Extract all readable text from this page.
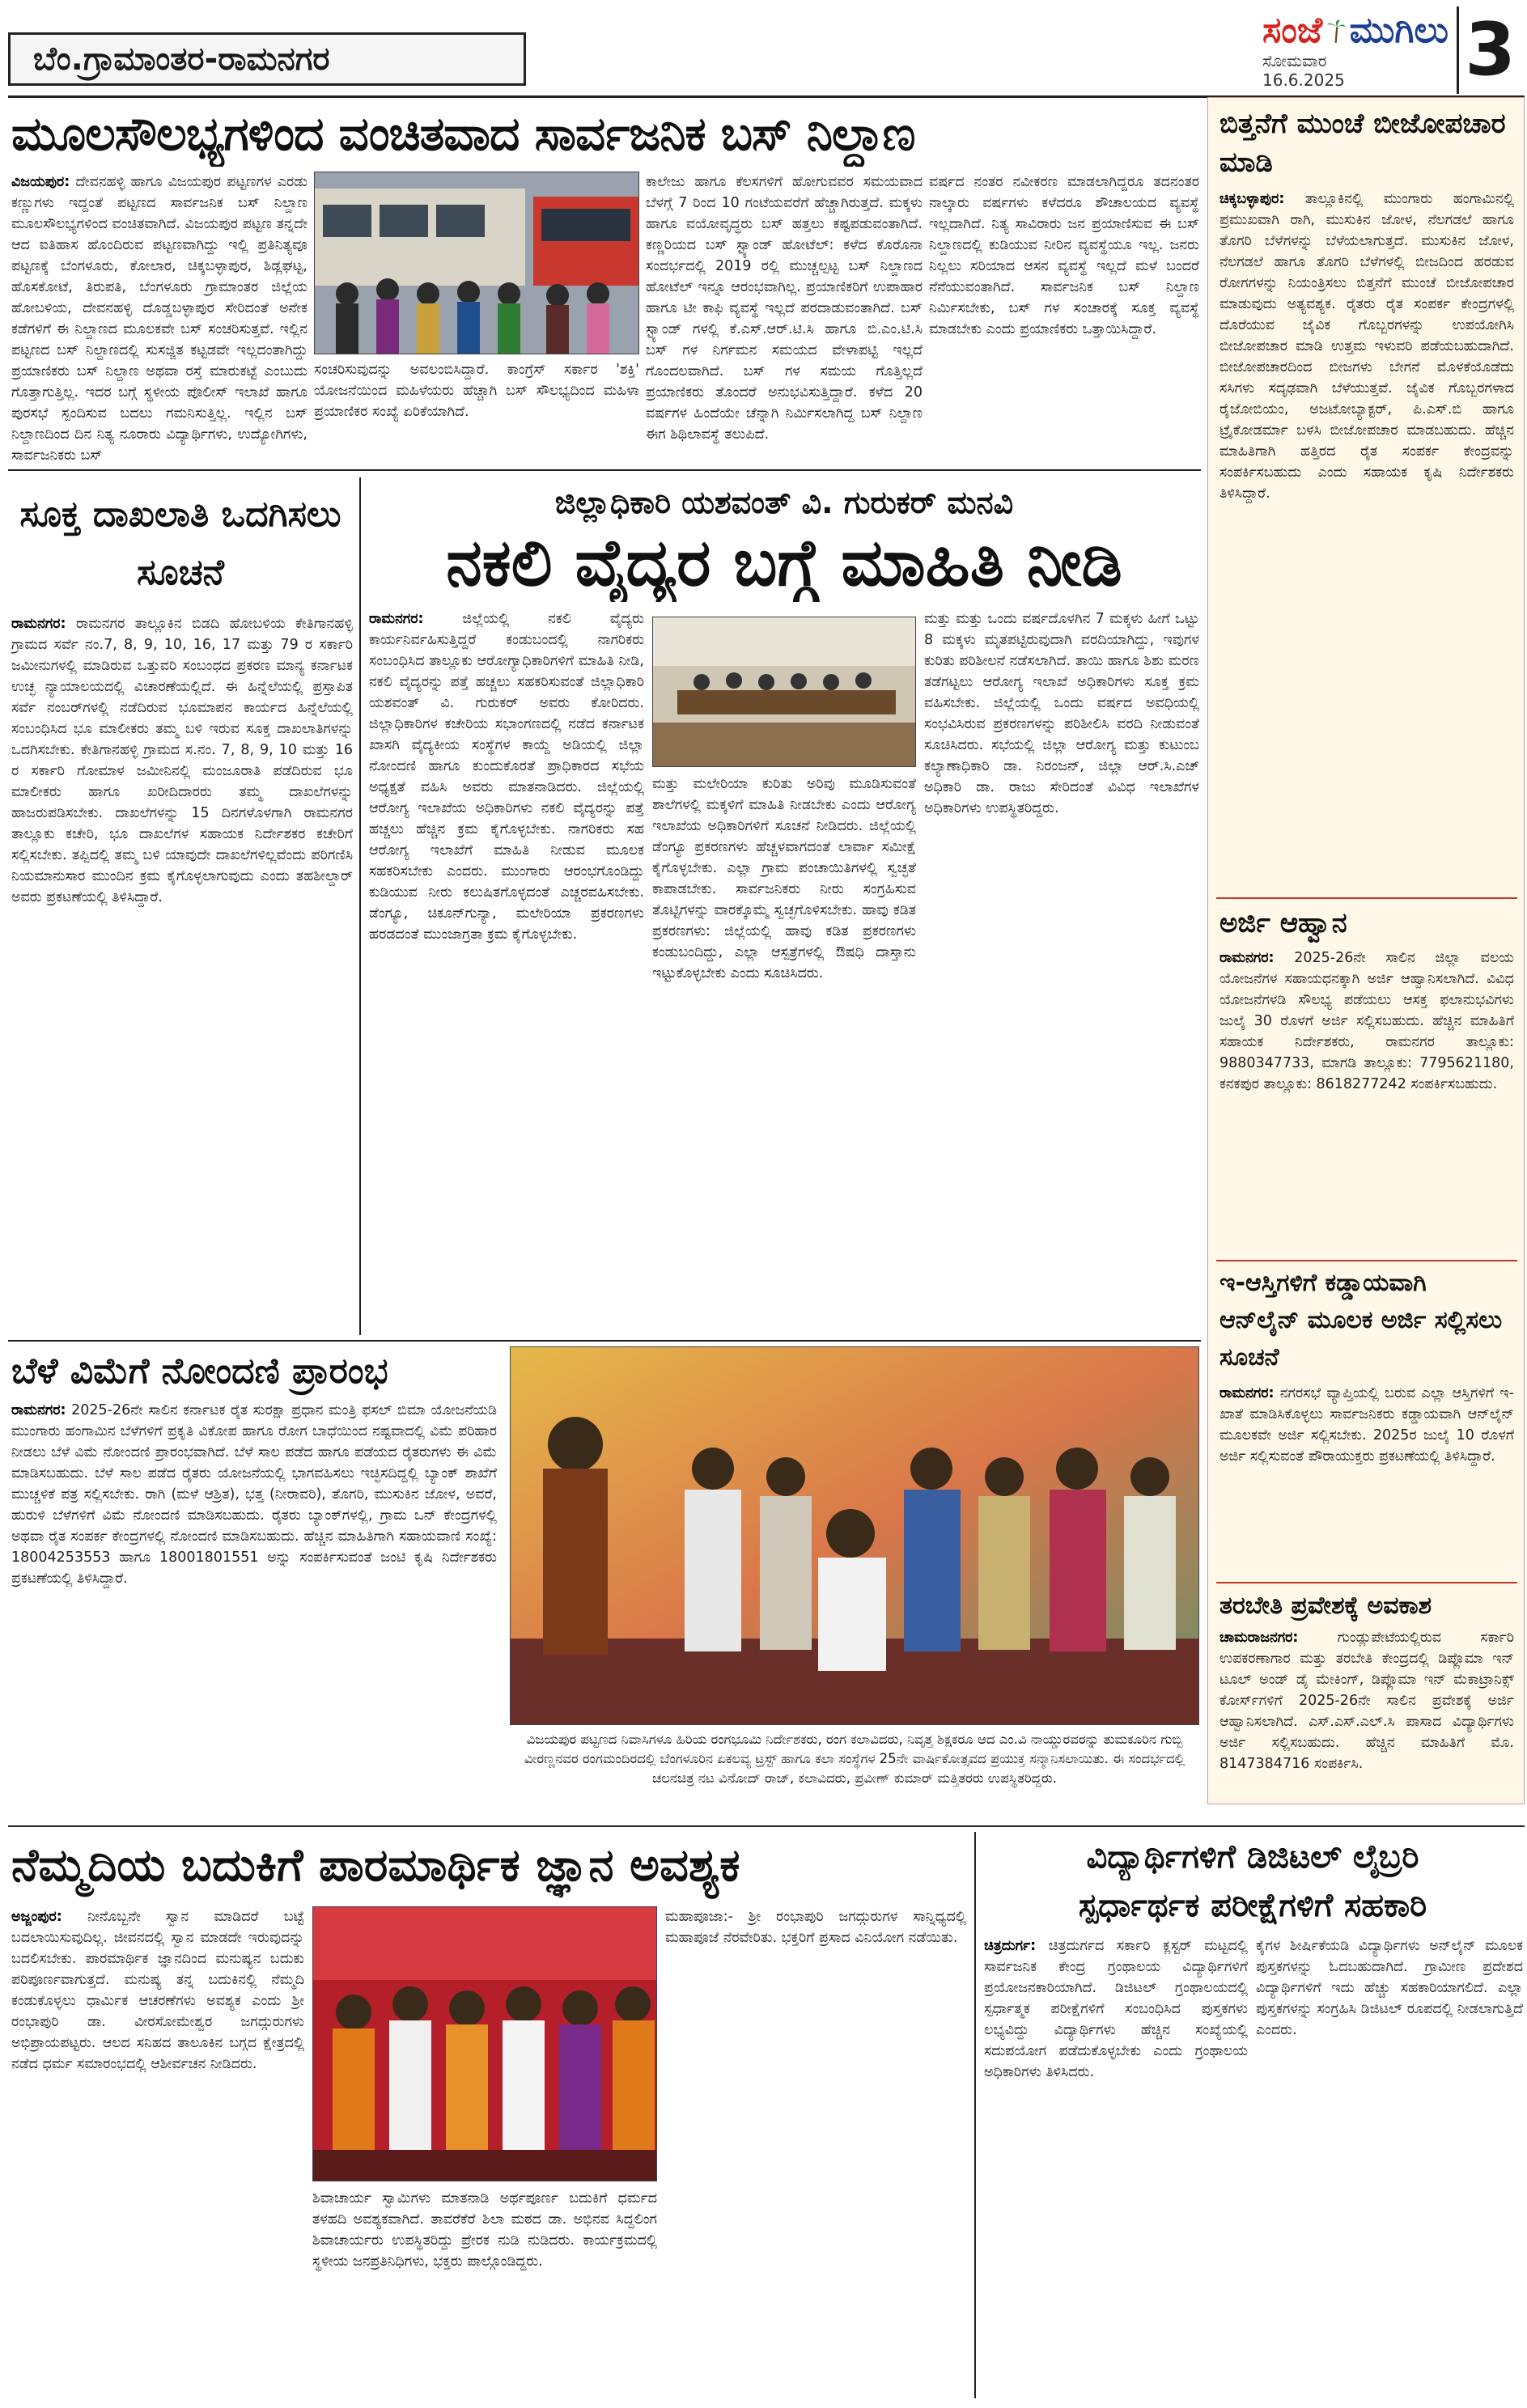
ಬೆಂ.ಗ್ರಾಮಾಂತರ-ರಾಮನಗರ
ಸಂಜೆ ಮುಗಿಲು
ಸೋಮವಾರ
16.6.2025	3
ಮೂಲಸೌಲಭ್ಯಗಳಿಂದ ವಂಚಿತವಾದ ಸಾರ್ವಜನಿಕ ಬಸ್ ನಿಲ್ದಾಣ
ವಿಜಯಪುರ: ದೇವನಹಳ್ಳಿ ಹಾಗೂ ವಿಜಯಪುರ ಪಟ್ಟಣಗಳ ಎರಡು ಕಣ್ಣುಗಳು ಇದ್ದಂತೆ ಪಟ್ಟಣದ ಸಾರ್ವಜನಿಕ ಬಸ್ ನಿಲ್ದಾಣ ಮೂಲಸೌಲಭ್ಯಗಳಿಂದ ವಂಚಿತವಾಗಿದೆ. ವಿಜಯಪುರ ಪಟ್ಟಣ ತನ್ನದೇ ಆದ ಐತಿಹಾಸ ಹೊಂದಿರುವ ಪಟ್ಟಣವಾಗಿದ್ದು ಇಲ್ಲಿ ಪ್ರತಿನಿತ್ಯವೂ ಪಟ್ಟಣಕ್ಕೆ ಬೆಂಗಳೂರು, ಕೋಲಾರ, ಚಿಕ್ಕಬಳ್ಳಾಪುರ, ಶಿಡ್ಲಘಟ್ಟ, ಹೊಸಕೋಟೆ, ತಿರುಪತಿ, ಬೆಂಗಳೂರು ಗ್ರಾಮಾಂತರ ಜಿಲ್ಲೆಯ ಹೋಬಳಿಯ, ದೇವನಹಳ್ಳಿ ದೊಡ್ಡಬಳ್ಳಾಪುರ ಸೇರಿದಂತೆ ಅನೇಕ ಕಡೆಗಳಿಗೆ ಈ ನಿಲ್ದಾಣದ ಮೂಲಕವೇ ಬಸ್ ಸಂಚರಿಸುತ್ತವೆ. ಇಲ್ಲಿನ ಪಟ್ಟಣದ ಬಸ್ ನಿಲ್ದಾಣದಲ್ಲಿ ಸುಸಜ್ಜಿತ ಕಟ್ಟಡವೇ ಇಲ್ಲದಂತಾಗಿದ್ದು ಪ್ರಯಾಣಿಕರು ಬಸ್ ನಿಲ್ದಾಣ ಅಥವಾ ರಸ್ತೆ ಮಾರುಕಟ್ಟೆ ಎಂಬುದು ಗೊತ್ತಾಗುತ್ತಿಲ್ಲ. ಇದರ ಬಗ್ಗೆ ಸ್ಥಳೀಯ ಪೊಲೀಸ್ ಇಲಾಖೆ ಹಾಗೂ ಪುರಸಭೆ ಸ್ಪಂದಿಸುವ ಬದಲು ಗಮನಿಸುತ್ತಿಲ್ಲ. ಇಲ್ಲಿನ ಬಸ್ ನಿಲ್ದಾಣದಿಂದ ದಿನ ನಿತ್ಯ ನೂರಾರು ವಿದ್ಯಾರ್ಥಿಗಳು, ಉದ್ಯೋಗಿಗಳು, ಸಾರ್ವಜನಿಕರು ಬಸ್
ಸಂಚರಿಸುವುದನ್ನು ಅವಲಂಬಿಸಿದ್ದಾರೆ. ಕಾಂಗ್ರೆಸ್ ಸರ್ಕಾರ 'ಶಕ್ತಿ' ಯೋಜನೆಯಿಂದ ಮಹಿಳೆಯರು ಹೆಚ್ಚಾಗಿ ಬಸ್ ಸೌಲಭ್ಯದಿಂದ ಮಹಿಳಾ ಪ್ರಯಾಣಿಕರ ಸಂಖ್ಯೆ ಏರಿಕೆಯಾಗಿದೆ.
ಕಾಲೇಜು ಹಾಗೂ ಕೆಲಸಗಳಿಗೆ ಹೋಗುವವರ ಸಮಯವಾದ ಬೆಳಗ್ಗೆ 7 ರಿಂದ 10 ಗಂಟೆಯವರೆಗೆ ಹೆಚ್ಚಾಗಿರುತ್ತದೆ. ಮಕ್ಕಳು ಹಾಗೂ ವಯೋವೃದ್ಧರು ಬಸ್ ಹತ್ತಲು ಕಷ್ಟಪಡುವಂತಾಗಿದೆ. ಕಣ್ಣರಿಯದ ಬಸ್ ಸ್ಟ್ಯಾಂಡ್ ಹೋಟೆಲ್: ಕಳೆದ ಕೊರೊನಾ ಸಂದರ್ಭದಲ್ಲಿ 2019 ರಲ್ಲಿ ಮುಚ್ಚಲ್ಪಟ್ಟ ಬಸ್ ನಿಲ್ದಾಣದ ಹೋಟೆಲ್ ಇನ್ನೂ ಆರಂಭವಾಗಿಲ್ಲ. ಪ್ರಯಾಣಿಕರಿಗೆ ಉಪಾಹಾರ ಹಾಗೂ ಟೀ ಕಾಫಿ ವ್ಯವಸ್ಥೆ ಇಲ್ಲದೆ ಪರದಾಡುವಂತಾಗಿದೆ. ಬಸ್ ಸ್ಟ್ಯಾಂಡ್ ಗಳಲ್ಲಿ ಕೆ.ಎಸ್.ಆರ್.ಟಿ.ಸಿ ಹಾಗೂ ಬಿ.ಎಂ.ಟಿ.ಸಿ ಬಸ್ ಗಳ ನಿರ್ಗಮನ ಸಮಯದ ವೇಳಾಪಟ್ಟಿ ಇಲ್ಲದೆ ಗೊಂದಲವಾಗಿದೆ. ಬಸ್ ಗಳ ಸಮಯ ಗೊತ್ತಿಲ್ಲದೆ ಪ್ರಯಾಣಿಕರು ತೊಂದರೆ ಅನುಭವಿಸುತ್ತಿದ್ದಾರೆ. ಕಳೆದ 20 ವರ್ಷಗಳ ಹಿಂದೆಯೇ ಚೆನ್ನಾಗಿ ನಿರ್ಮಿಸಲಾಗಿದ್ದ ಬಸ್ ನಿಲ್ದಾಣ ಈಗ ಶಿಥಿಲಾವಸ್ಥೆ ತಲುಪಿದೆ.
ವರ್ಷದ ನಂತರ ನವೀಕರಣ ಮಾಡಲಾಗಿದ್ದರೂ ತದನಂತರ ನಾಲ್ಕಾರು ವರ್ಷಗಳು ಕಳೆದರೂ ಶೌಚಾಲಯದ ವ್ಯವಸ್ಥೆ ಇಲ್ಲದಾಗಿದೆ. ನಿತ್ಯ ಸಾವಿರಾರು ಜನ ಪ್ರಯಾಣಿಸುವ ಈ ಬಸ್ ನಿಲ್ದಾಣದಲ್ಲಿ ಕುಡಿಯುವ ನೀರಿನ ವ್ಯವಸ್ಥೆಯೂ ಇಲ್ಲ. ಜನರು ನಿಲ್ಲಲು ಸರಿಯಾದ ಆಸನ ವ್ಯವಸ್ಥೆ ಇಲ್ಲದೆ ಮಳೆ ಬಂದರೆ ನೆನೆಯುವಂತಾಗಿದೆ. ಸಾರ್ವಜನಿಕ ಬಸ್ ನಿಲ್ದಾಣ ನಿರ್ಮಿಸಬೇಕು, ಬಸ್ ಗಳ ಸಂಚಾರಕ್ಕೆ ಸೂಕ್ತ ವ್ಯವಸ್ಥೆ ಮಾಡಬೇಕು ಎಂದು ಪ್ರಯಾಣಿಕರು ಒತ್ತಾಯಿಸಿದ್ದಾರೆ.
ಬಿತ್ತನೆಗೆ ಮುಂಚೆ ಬೀಜೋಪಚಾರ ಮಾಡಿ
ಚಿಕ್ಕಬಳ್ಳಾಪುರ: ತಾಲ್ಲೂಕಿನಲ್ಲಿ ಮುಂಗಾರು ಹಂಗಾಮಿನಲ್ಲಿ ಪ್ರಮುಖವಾಗಿ ರಾಗಿ, ಮುಸುಕಿನ ಜೋಳ, ನೆಲಗಡಲೆ ಹಾಗೂ ತೊಗರಿ ಬೆಳೆಗಳನ್ನು ಬೆಳೆಯಲಾಗುತ್ತದೆ. ಮುಸುಕಿನ ಜೋಳ, ನೆಲಗಡಲೆ ಹಾಗೂ ತೊಗರಿ ಬೆಳೆಗಳಲ್ಲಿ ಬೀಜದಿಂದ ಹರಡುವ ರೋಗಗಳನ್ನು ನಿಯಂತ್ರಿಸಲು ಬಿತ್ತನೆಗೆ ಮುಂಚೆ ಬೀಜೋಪಚಾರ ಮಾಡುವುದು ಅತ್ಯವಶ್ಯಕ. ರೈತರು ರೈತ ಸಂಪರ್ಕ ಕೇಂದ್ರಗಳಲ್ಲಿ ದೊರೆಯುವ ಜೈವಿಕ ಗೊಬ್ಬರಗಳನ್ನು ಉಪಯೋಗಿಸಿ ಬೀಜೋಪಚಾರ ಮಾಡಿ ಉತ್ತಮ ಇಳುವರಿ ಪಡೆಯಬಹುದಾಗಿದೆ. ಬೀಜೋಪಚಾರದಿಂದ ಬೀಜಗಳು ಬೇಗನೆ ಮೊಳಕೆಯೊಡೆದು ಸಸಿಗಳು ಸದೃಢವಾಗಿ ಬೆಳೆಯುತ್ತವೆ. ಜೈವಿಕ ಗೊಬ್ಬರಗಳಾದ ರೈಜೋಬಿಯಂ, ಅಜಟೋಬ್ಯಾಕ್ಟರ್, ಪಿ.ಎಸ್.ಬಿ ಹಾಗೂ ಟ್ರೈಕೋಡರ್ಮಾ ಬಳಸಿ ಬೀಜೋಪಚಾರ ಮಾಡಬಹುದು. ಹೆಚ್ಚಿನ ಮಾಹಿತಿಗಾಗಿ ಹತ್ತಿರದ ರೈತ ಸಂಪರ್ಕ ಕೇಂದ್ರವನ್ನು ಸಂಪರ್ಕಿಸಬಹುದು ಎಂದು ಸಹಾಯಕ ಕೃಷಿ ನಿರ್ದೇಶಕರು ತಿಳಿಸಿದ್ದಾರೆ.
ಅರ್ಜಿ ಆಹ್ವಾನ
ರಾಮನಗರ: 2025-26ನೇ ಸಾಲಿನ ಜಿಲ್ಲಾ ವಲಯ ಯೋಜನೆಗಳ ಸಹಾಯಧನಕ್ಕಾಗಿ ಅರ್ಜಿ ಆಹ್ವಾನಿಸಲಾಗಿದೆ. ವಿವಿಧ ಯೋಜನೆಗಳಡಿ ಸೌಲಭ್ಯ ಪಡೆಯಲು ಆಸಕ್ತ ಫಲಾನುಭವಿಗಳು ಜುಲೈ 30 ರೊಳಗೆ ಅರ್ಜಿ ಸಲ್ಲಿಸಬಹುದು. ಹೆಚ್ಚಿನ ಮಾಹಿತಿಗೆ ಸಹಾಯಕ ನಿರ್ದೇಶಕರು, ರಾಮನಗರ ತಾಲ್ಲೂಕು: 9880347733, ಮಾಗಡಿ ತಾಲ್ಲೂಕು: 7795621180, ಕನಕಪುರ ತಾಲ್ಲೂಕು: 8618277242 ಸಂಪರ್ಕಿಸಬಹುದು.
ಇ-ಆಸ್ತಿಗಳಿಗೆ ಕಡ್ಡಾಯವಾಗಿ ಆನ್‌ಲೈನ್ ಮೂಲಕ ಅರ್ಜಿ ಸಲ್ಲಿಸಲು ಸೂಚನೆ
ರಾಮನಗರ: ನಗರಸಭೆ ವ್ಯಾಪ್ತಿಯಲ್ಲಿ ಬರುವ ಎಲ್ಲಾ ಆಸ್ತಿಗಳಿಗೆ ಇ-ಖಾತೆ ಮಾಡಿಸಿಕೊಳ್ಳಲು ಸಾರ್ವಜನಿಕರು ಕಡ್ಡಾಯವಾಗಿ ಆನ್‌ಲೈನ್ ಮೂಲಕವೇ ಅರ್ಜಿ ಸಲ್ಲಿಸಬೇಕು. 2025ರ ಜುಲೈ 10 ರೊಳಗೆ ಅರ್ಜಿ ಸಲ್ಲಿಸುವಂತೆ ಪೌರಾಯುಕ್ತರು ಪ್ರಕಟಣೆಯಲ್ಲಿ ತಿಳಿಸಿದ್ದಾರೆ.
ತರಬೇತಿ ಪ್ರವೇಶಕ್ಕೆ ಅವಕಾಶ
ಚಾಮರಾಜನಗರ:	ಗುಂಡ್ಲುಪೇಟೆಯಲ್ಲಿರುವ ಸರ್ಕಾರಿ ಉಪಕರಣಾಗಾರ ಮತ್ತು ತರಬೇತಿ ಕೇಂದ್ರದಲ್ಲಿ ಡಿಪ್ಲೊಮಾ ಇನ್ ಟೂಲ್ ಅಂಡ್ ಡೈ ಮೇಕಿಂಗ್, ಡಿಪ್ಲೊಮಾ ಇನ್ ಮೆಕಾಟ್ರಾನಿಕ್ಸ್ ಕೋರ್ಸ್‌ಗಳಿಗೆ 2025-26ನೇ ಸಾಲಿನ ಪ್ರವೇಶಕ್ಕೆ ಅರ್ಜಿ ಆಹ್ವಾನಿಸಲಾಗಿದೆ. ಎಸ್.ಎಸ್.ಎಲ್.ಸಿ ಪಾಸಾದ ವಿದ್ಯಾರ್ಥಿಗಳು ಅರ್ಜಿ ಸಲ್ಲಿಸಬಹುದು. ಹೆಚ್ಚಿನ ಮಾಹಿತಿಗೆ ಮೊ. 8147384716 ಸಂಪರ್ಕಿಸಿ.
ಸೂಕ್ತ ದಾಖಲಾತಿ ಒದಗಿಸಲು ಸೂಚನೆ
ರಾಮನಗರ: ರಾಮನಗರ ತಾಲ್ಲೂಕಿನ ಬಿಡದಿ ಹೋಬಳಿಯ ಕೇತಿಗಾನಹಳ್ಳಿ ಗ್ರಾಮದ ಸರ್ವೆ ನಂ.7, 8, 9, 10, 16, 17 ಮತ್ತು 79 ರ ಸರ್ಕಾರಿ ಜಮೀನುಗಳಲ್ಲಿ ಮಾಡಿರುವ ಒತ್ತುವರಿ ಸಂಬಂಧದ ಪ್ರಕರಣ ಮಾನ್ಯ ಕರ್ನಾಟಕ ಉಚ್ಛ ನ್ಯಾಯಾಲಯದಲ್ಲಿ ವಿಚಾರಣೆಯಲ್ಲಿದೆ. ಈ ಹಿನ್ನೆಲೆಯಲ್ಲಿ ಪ್ರಸ್ತಾಪಿತ ಸರ್ವೆ ನಂಬರ್‌ಗಳಲ್ಲಿ ನಡೆದಿರುವ ಭೂಮಾಪನ ಕಾರ್ಯದ ಹಿನ್ನೆಲೆಯಲ್ಲಿ ಸಂಬಂಧಿಸಿದ ಭೂ ಮಾಲೀಕರು ತಮ್ಮ ಬಳಿ ಇರುವ ಸೂಕ್ತ ದಾಖಲಾತಿಗಳನ್ನು ಒದಗಿಸಬೇಕು. ಕೇತಿಗಾನಹಳ್ಳಿ ಗ್ರಾಮದ ಸ.ನಂ. 7, 8, 9, 10 ಮತ್ತು 16 ರ ಸರ್ಕಾರಿ ಗೋಮಾಳ ಜಮೀನಿನಲ್ಲಿ ಮಂಜೂರಾತಿ ಪಡೆದಿರುವ ಭೂ ಮಾಲೀಕರು ಹಾಗೂ ಖರೀದಿದಾರರು ತಮ್ಮ ದಾಖಲೆಗಳನ್ನು ಹಾಜರುಪಡಿಸಬೇಕು. ದಾಖಲೆಗಳನ್ನು 15 ದಿನಗಳೊಳಗಾಗಿ ರಾಮನಗರ ತಾಲ್ಲೂಕು ಕಚೇರಿ, ಭೂ ದಾಖಲೆಗಳ ಸಹಾಯಕ ನಿರ್ದೇಶಕರ ಕಚೇರಿಗೆ ಸಲ್ಲಿಸಬೇಕು. ತಪ್ಪಿದಲ್ಲಿ ತಮ್ಮ ಬಳಿ ಯಾವುದೇ ದಾಖಲೆಗಳಿಲ್ಲವೆಂದು ಪರಿಗಣಿಸಿ ನಿಯಮಾನುಸಾರ ಮುಂದಿನ ಕ್ರಮ ಕೈಗೊಳ್ಳಲಾಗುವುದು ಎಂದು ತಹಶೀಲ್ದಾರ್ ಅವರು ಪ್ರಕಟಣೆಯಲ್ಲಿ ತಿಳಿಸಿದ್ದಾರೆ.
ಜಿಲ್ಲಾಧಿಕಾರಿ ಯಶವಂತ್ ವಿ. ಗುರುಕರ್ ಮನವಿ
ನಕಲಿ ವೈದ್ಯರ ಬಗ್ಗೆ ಮಾಹಿತಿ ನೀಡಿ
ರಾಮನಗರ:	ಜಿಲ್ಲೆಯಲ್ಲಿ ನಕಲಿ ವೈದ್ಯರು ಕಾರ್ಯನಿರ್ವಹಿಸುತ್ತಿದ್ದರೆ ಕಂಡುಬಂದಲ್ಲಿ ನಾಗರಿಕರು ಸಂಬಂಧಿಸಿದ ತಾಲ್ಲೂಕು ಆರೋಗ್ಯಾಧಿಕಾರಿಗಳಿಗೆ ಮಾಹಿತಿ ನೀಡಿ, ನಕಲಿ ವೈದ್ಯರನ್ನು ಪತ್ತೆ ಹಚ್ಚಲು ಸಹಕರಿಸುವಂತೆ ಜಿಲ್ಲಾಧಿಕಾರಿ ಯಶವಂತ್ ವಿ. ಗುರುಕರ್ ಅವರು ಕೋರಿದರು. ಜಿಲ್ಲಾಧಿಕಾರಿಗಳ ಕಚೇರಿಯ ಸಭಾಂಗಣದಲ್ಲಿ ನಡೆದ ಕರ್ನಾಟಕ ಖಾಸಗಿ ವೈದ್ಯಕೀಯ ಸಂಸ್ಥೆಗಳ ಕಾಯ್ದೆ ಅಡಿಯಲ್ಲಿ ಜಿಲ್ಲಾ ನೋಂದಣಿ ಹಾಗೂ ಕುಂದುಕೊರತೆ ಪ್ರಾಧಿಕಾರದ ಸಭೆಯ ಅಧ್ಯಕ್ಷತೆ ವಹಿಸಿ ಅವರು ಮಾತನಾಡಿದರು. ಜಿಲ್ಲೆಯಲ್ಲಿ ಆರೋಗ್ಯ ಇಲಾಖೆಯ ಅಧಿಕಾರಿಗಳು ನಕಲಿ ವೈದ್ಯರನ್ನು ಪತ್ತೆ ಹಚ್ಚಲು ಹೆಚ್ಚಿನ ಕ್ರಮ ಕೈಗೊಳ್ಳಬೇಕು. ನಾಗರಿಕರು ಸಹ ಆರೋಗ್ಯ ಇಲಾಖೆಗೆ ಮಾಹಿತಿ ನೀಡುವ ಮೂಲಕ ಸಹಕರಿಸಬೇಕು ಎಂದರು. ಮುಂಗಾರು ಆರಂಭಗೊಂಡಿದ್ದು ಕುಡಿಯುವ ನೀರು ಕಲುಷಿತಗೊಳ್ಳದಂತೆ ಎಚ್ಚರವಹಿಸಬೇಕು. ಡೆಂಗ್ಯೂ, ಚಿಕೂನ್‌ಗುನ್ಯಾ, ಮಲೇರಿಯಾ ಪ್ರಕರಣಗಳು ಹರಡದಂತೆ ಮುಂಜಾಗ್ರತಾ ಕ್ರಮ ಕೈಗೊಳ್ಳಬೇಕು.
ಮತ್ತು ಮಲೇರಿಯಾ ಕುರಿತು ಅರಿವು ಮೂಡಿಸುವಂತೆ ಶಾಲೆಗಳಲ್ಲಿ ಮಕ್ಕಳಿಗೆ ಮಾಹಿತಿ ನೀಡಬೇಕು ಎಂದು ಆರೋಗ್ಯ ಇಲಾಖೆಯ ಅಧಿಕಾರಿಗಳಿಗೆ ಸೂಚನೆ ನೀಡಿದರು. ಜಿಲ್ಲೆಯಲ್ಲಿ ಡೆಂಗ್ಯೂ ಪ್ರಕರಣಗಳು ಹೆಚ್ಚಳವಾಗದಂತೆ ಲಾರ್ವಾ ಸಮೀಕ್ಷೆ ಕೈಗೊಳ್ಳಬೇಕು. ಎಲ್ಲಾ ಗ್ರಾಮ ಪಂಚಾಯಿತಿಗಳಲ್ಲಿ ಸ್ವಚ್ಛತೆ ಕಾಪಾಡಬೇಕು. ಸಾರ್ವಜನಿಕರು ನೀರು ಸಂಗ್ರಹಿಸುವ ತೊಟ್ಟಿಗಳನ್ನು ವಾರಕ್ಕೊಮ್ಮೆ ಸ್ವಚ್ಛಗೊಳಿಸಬೇಕು. ಹಾವು ಕಡಿತ ಪ್ರಕರಣಗಳು: ಜಿಲ್ಲೆಯಲ್ಲಿ ಹಾವು ಕಡಿತ ಪ್ರಕರಣಗಳು ಕಂಡುಬಂದಿದ್ದು, ಎಲ್ಲಾ ಆಸ್ಪತ್ರೆಗಳಲ್ಲಿ ಔಷಧಿ ದಾಸ್ತಾನು ಇಟ್ಟುಕೊಳ್ಳಬೇಕು ಎಂದು ಸೂಚಿಸಿದರು.
ಮತ್ತು ಮತ್ತು ಒಂದು ವರ್ಷದೊಳಗಿನ 7 ಮಕ್ಕಳು ಹೀಗೆ ಒಟ್ಟು 8 ಮಕ್ಕಳು ಮೃತಪಟ್ಟಿರುವುದಾಗಿ ವರದಿಯಾಗಿದ್ದು, ಇವುಗಳ ಕುರಿತು ಪರಿಶೀಲನೆ ನಡೆಸಲಾಗಿದೆ. ತಾಯಿ ಹಾಗೂ ಶಿಶು ಮರಣ ತಡೆಗಟ್ಟಲು ಆರೋಗ್ಯ ಇಲಾಖೆ ಅಧಿಕಾರಿಗಳು ಸೂಕ್ತ ಕ್ರಮ ವಹಿಸಬೇಕು. ಜಿಲ್ಲೆಯಲ್ಲಿ ಒಂದು ವರ್ಷದ ಅವಧಿಯಲ್ಲಿ ಸಂಭವಿಸಿರುವ ಪ್ರಕರಣಗಳನ್ನು ಪರಿಶೀಲಿಸಿ ವರದಿ ನೀಡುವಂತೆ ಸೂಚಿಸಿದರು. ಸಭೆಯಲ್ಲಿ ಜಿಲ್ಲಾ ಆರೋಗ್ಯ ಮತ್ತು ಕುಟುಂಬ ಕಲ್ಯಾಣಾಧಿಕಾರಿ ಡಾ. ನಿರಂಜನ್, ಜಿಲ್ಲಾ ಆರ್.ಸಿ.ಎಚ್ ಅಧಿಕಾರಿ ಡಾ. ರಾಜು ಸೇರಿದಂತೆ ವಿವಿಧ ಇಲಾಖೆಗಳ ಅಧಿಕಾರಿಗಳು ಉಪಸ್ಥಿತರಿದ್ದರು.
ಬೆಳೆ ವಿಮೆಗೆ ನೋಂದಣಿ ಪ್ರಾರಂಭ
ರಾಮನಗರ: 2025-26ನೇ ಸಾಲಿನ ಕರ್ನಾಟಕ ರೈತ ಸುರಕ್ಷಾ ಪ್ರಧಾನ ಮಂತ್ರಿ ಫಸಲ್ ಬಿಮಾ ಯೋಜನೆಯಡಿ ಮುಂಗಾರು ಹಂಗಾಮಿನ ಬೆಳೆಗಳಿಗೆ ಪ್ರಕೃತಿ ವಿಕೋಪ ಹಾಗೂ ರೋಗ ಬಾಧೆಯಿಂದ ನಷ್ಟವಾದಲ್ಲಿ ವಿಮೆ ಪರಿಹಾರ ನೀಡಲು ಬೆಳೆ ವಿಮೆ ನೋಂದಣಿ ಪ್ರಾರಂಭವಾಗಿದೆ. ಬೆಳೆ ಸಾಲ ಪಡೆದ ಹಾಗೂ ಪಡೆಯದ ರೈತರುಗಳು ಈ ವಿಮೆ ಮಾಡಿಸಬಹುದು. ಬೆಳೆ ಸಾಲ ಪಡೆದ ರೈತರು ಯೋಜನೆಯಲ್ಲಿ ಭಾಗವಹಿಸಲು ಇಚ್ಛಿಸದಿದ್ದಲ್ಲಿ ಬ್ಯಾಂಕ್ ಶಾಖೆಗೆ ಮುಚ್ಚಳಿಕೆ ಪತ್ರ ಸಲ್ಲಿಸಬೇಕು. ರಾಗಿ (ಮಳೆ ಆಶ್ರಿತ), ಭತ್ತ (ನೀರಾವರಿ), ತೊಗರಿ, ಮುಸುಕಿನ ಜೋಳ, ಅವರೆ, ಹುರುಳಿ ಬೆಳೆಗಳಿಗೆ ವಿಮೆ ನೋಂದಣಿ ಮಾಡಿಸಬಹುದು. ರೈತರು ಬ್ಯಾಂಕ್‌ಗಳಲ್ಲಿ, ಗ್ರಾಮ ಒನ್ ಕೇಂದ್ರಗಳಲ್ಲಿ ಅಥವಾ ರೈತ ಸಂಪರ್ಕ ಕೇಂದ್ರಗಳಲ್ಲಿ ನೋಂದಣಿ ಮಾಡಿಸಬಹುದು. ಹೆಚ್ಚಿನ ಮಾಹಿತಿಗಾಗಿ ಸಹಾಯವಾಣಿ ಸಂಖ್ಯೆ: 18004253553 ಹಾಗೂ 18001801551 ಅನ್ನು ಸಂಪರ್ಕಿಸುವಂತೆ ಜಂಟಿ ಕೃಷಿ ನಿರ್ದೇಶಕರು ಪ್ರಕಟಣೆಯಲ್ಲಿ ತಿಳಿಸಿದ್ದಾರೆ.
ವಿಜಯಪುರ ಪಟ್ಟಣದ ನಿವಾಸಿಗಳೂ ಹಿರಿಯ ರಂಗಭೂಮಿ ನಿರ್ದೇಶಕರು, ರಂಗ ಕಲಾವಿದರು, ನಿವೃತ್ತ ಶಿಕ್ಷಕರೂ ಆದ ಎಂ.ವಿ ನಾಯ್ಡುರವರನ್ನು ತುಮಕೂರಿನ ಗುಬ್ಬಿ ವೀರಣ್ಣನವರ ರಂಗಮಂದಿರದಲ್ಲಿ ಬೆಂಗಳೂರಿನ ಏಕಲವ್ಯ ಟ್ರಸ್ಟ್ ಹಾಗೂ ಕಲಾ ಸಂಸ್ಥೆಗಳ 25ನೇ ವಾರ್ಷಿಕೋತ್ಸವದ ಪ್ರಯುಕ್ತ ಸನ್ಮಾನಿಸಲಾಯಿತು. ಈ ಸಂದರ್ಭದಲ್ಲಿ ಚಲನಚಿತ್ರ ನಟ ವಿನೋದ್ ರಾಜ್, ಕಲಾವಿದರು, ಪ್ರವೀಣ್ ಕುಮಾರ್ ಮತ್ತಿತರರು ಉಪಸ್ಥಿತರಿದ್ದರು.
ನೆಮ್ಮದಿಯ ಬದುಕಿಗೆ ಪಾರಮಾರ್ಥಿಕ ಜ್ಞಾನ ಅವಶ್ಯಕ
ಅಜ್ಜಂಪುರ: ನೀನೊಬ್ಬನೇ ಸ್ವಾನ ಮಾಡಿದರೆ ಬಟ್ಟೆ ಬದಲಾಯಿಸುವುದಿಲ್ಲ. ಜೀವನದಲ್ಲಿ ಸ್ವಾನ ಮಾಡದೇ ಇರುವುದನ್ನು ಬದಲಿಸಬೇಕು. ಪಾರಮಾರ್ಥಿಕ ಜ್ಞಾನದಿಂದ ಮನುಷ್ಯನ ಬದುಕು ಪರಿಪೂರ್ಣವಾಗುತ್ತದೆ. ಮನುಷ್ಯ ತನ್ನ ಬದುಕಿನಲ್ಲಿ ನೆಮ್ಮದಿ ಕಂಡುಕೊಳ್ಳಲು ಧಾರ್ಮಿಕ ಆಚರಣೆಗಳು ಅವಶ್ಯಕ ಎಂದು ಶ್ರೀ ರಂಭಾಪುರಿ ಡಾ. ವೀರಸೋಮೇಶ್ವರ ಜಗದ್ಗುರುಗಳು ಅಭಿಪ್ರಾಯಪಟ್ಟರು. ಆಲದ ಸನಿಹದ ತಾಲೂಕಿನ ಬಗ್ಗದ ಕ್ಷೇತ್ರದಲ್ಲಿ ನಡೆದ ಧರ್ಮ ಸಮಾರಂಭದಲ್ಲಿ ಆಶೀರ್ವಚನ ನೀಡಿದರು.
ಶಿವಾಚಾರ್ಯ ಸ್ವಾಮಿಗಳು ಮಾತನಾಡಿ ಅರ್ಥಪೂರ್ಣ ಬದುಕಿಗೆ ಧರ್ಮದ ತಳಹದಿ ಅವಶ್ಯಕವಾಗಿದೆ. ತಾವರೆಕೆರೆ ಶಿಲಾ ಮಠದ ಡಾ. ಅಭಿನವ ಸಿದ್ದಲಿಂಗ ಶಿವಾಚಾರ್ಯರು ಉಪಸ್ಥಿತರಿದ್ದು ಪ್ರೇರಕ ನುಡಿ ನುಡಿದರು. ಕಾರ್ಯಕ್ರಮದಲ್ಲಿ ಸ್ಥಳೀಯ ಜನಪ್ರತಿನಿಧಿಗಳು, ಭಕ್ತರು ಪಾಲ್ಗೊಂಡಿದ್ದರು.
ಮಹಾಪೂಜಾ:- ಶ್ರೀ ರಂಭಾಪುರಿ ಜಗದ್ಗುರುಗಳ ಸಾನ್ನಿಧ್ಯದಲ್ಲಿ ಮಹಾಪೂಜೆ ನೆರವೇರಿತು. ಭಕ್ತರಿಗೆ ಪ್ರಸಾದ ವಿನಿಯೋಗ ನಡೆಯಿತು.
ವಿದ್ಯಾರ್ಥಿಗಳಿಗೆ ಡಿಜಿಟಲ್ ಲೈಬ್ರರಿ
ಸ್ಪರ್ಧಾರ್ಥಕ ಪರೀಕ್ಷೆಗಳಿಗೆ ಸಹಕಾರಿ
ಚಿತ್ರದುರ್ಗ: ಚಿತ್ರದುರ್ಗದ ಸರ್ಕಾರಿ ಕ್ಲಸ್ಟರ್ ಮಟ್ಟದಲ್ಲಿ ಸಾರ್ವಜನಿಕ ಕೇಂದ್ರ ಗ್ರಂಥಾಲಯ ವಿದ್ಯಾರ್ಥಿಗಳಿಗೆ ಪ್ರಯೋಜನಕಾರಿಯಾಗಿದೆ. ಡಿಜಿಟಲ್ ಗ್ರಂಥಾಲಯದಲ್ಲಿ ಸ್ಪರ್ಧಾತ್ಮಕ ಪರೀಕ್ಷೆಗಳಿಗೆ ಸಂಬಂಧಿಸಿದ ಪುಸ್ತಕಗಳು ಲಭ್ಯವಿದ್ದು ವಿದ್ಯಾರ್ಥಿಗಳು ಹೆಚ್ಚಿನ ಸಂಖ್ಯೆಯಲ್ಲಿ ಸದುಪಯೋಗ ಪಡೆದುಕೊಳ್ಳಬೇಕು ಎಂದು ಗ್ರಂಥಾಲಯ ಅಧಿಕಾರಿಗಳು ತಿಳಿಸಿದರು.
ಕೈಗಳ ಶೀರ್ಷಿಕೆಯಡಿ ವಿದ್ಯಾರ್ಥಿಗಳು ಅನ್‌ಲೈನ್ ಮೂಲಕ ಪುಸ್ತಕಗಳನ್ನು ಓದಬಹುದಾಗಿದೆ. ಗ್ರಾಮೀಣ ಪ್ರದೇಶದ ವಿದ್ಯಾರ್ಥಿಗಳಿಗೆ ಇದು ಹೆಚ್ಚು ಸಹಕಾರಿಯಾಗಲಿದೆ. ಎಲ್ಲಾ ಪುಸ್ತಕಗಳನ್ನು ಸಂಗ್ರಹಿಸಿ ಡಿಜಿಟಲ್ ರೂಪದಲ್ಲಿ ನೀಡಲಾಗುತ್ತಿದೆ ಎಂದರು.
